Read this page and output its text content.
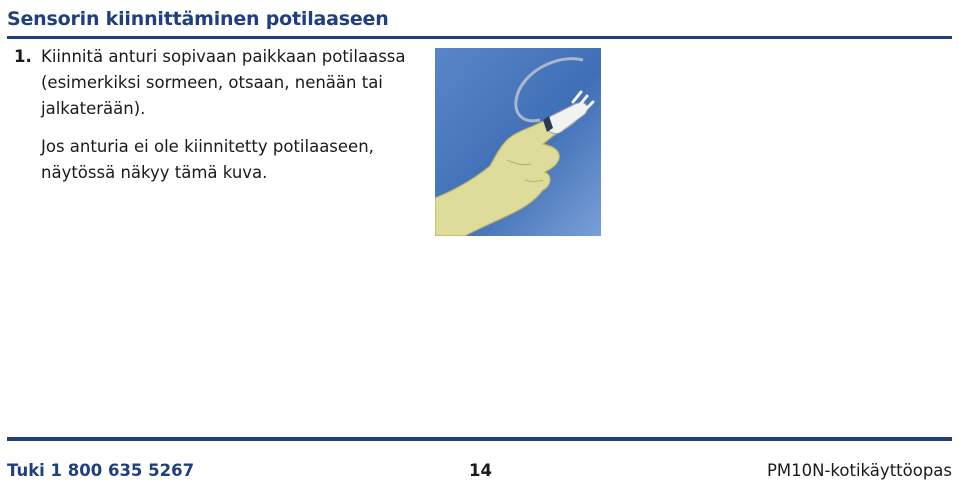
Sensorin kiinnittäminen potilaaseen
1. Kiinnitä anturi sopivaan paikkaan potilaassa (esimerkiksi sormeen, otsaan, nenään tai jalkaterään).
Jos anturia ei ole kiinnitetty potilaaseen, näytössä näkyy tämä kuva.
Tuki 1 800 635 5267	14	PM10N-kotikäyttöopas
